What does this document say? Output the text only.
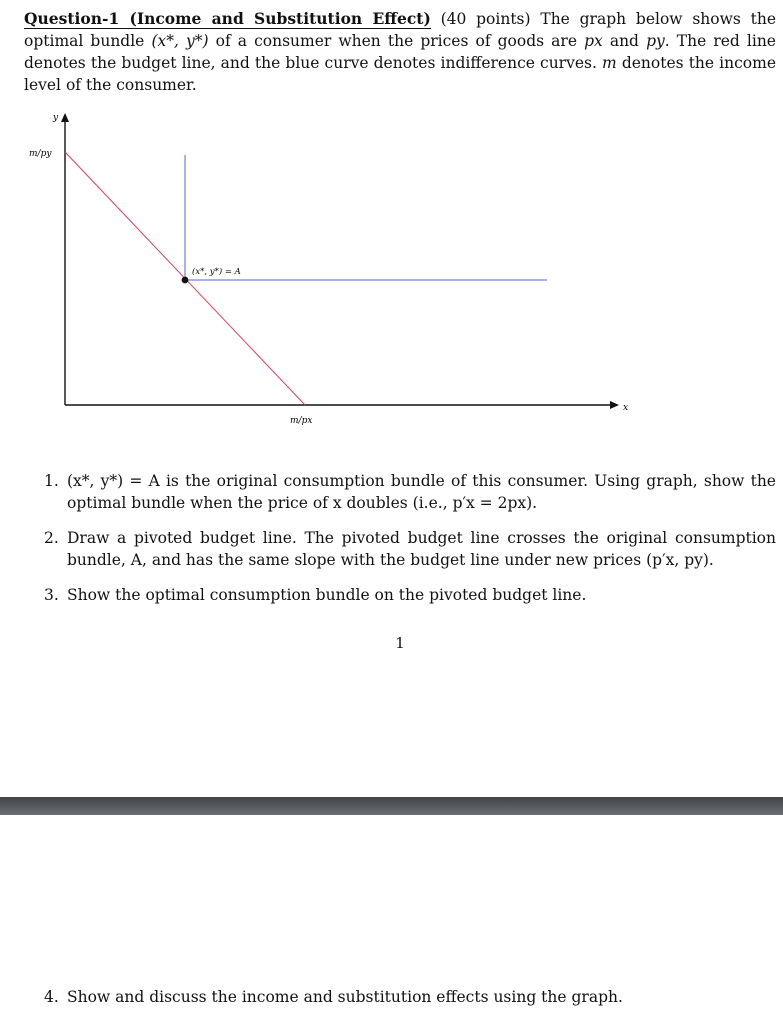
Question-1 (Income and Substitution Effect) (40 points) The graph below shows the optimal bundle (x*, y*) of a consumer when the prices of goods are px and py. The red line denotes the budget line, and the blue curve denotes indifference curves. m denotes the income level of the consumer.
y
x
m/py
m/px
(x*, y*) = A
1. (x*, y*) = A is the original consumption bundle of this consumer. Using graph, show the optimal bundle when the price of x doubles (i.e., p′x = 2px).
2. Draw a pivoted budget line. The pivoted budget line crosses the original consumption bundle, A, and has the same slope with the budget line under new prices (p′x, py).
3. Show the optimal consumption bundle on the pivoted budget line.
1
4. Show and discuss the income and substitution effects using the graph.
